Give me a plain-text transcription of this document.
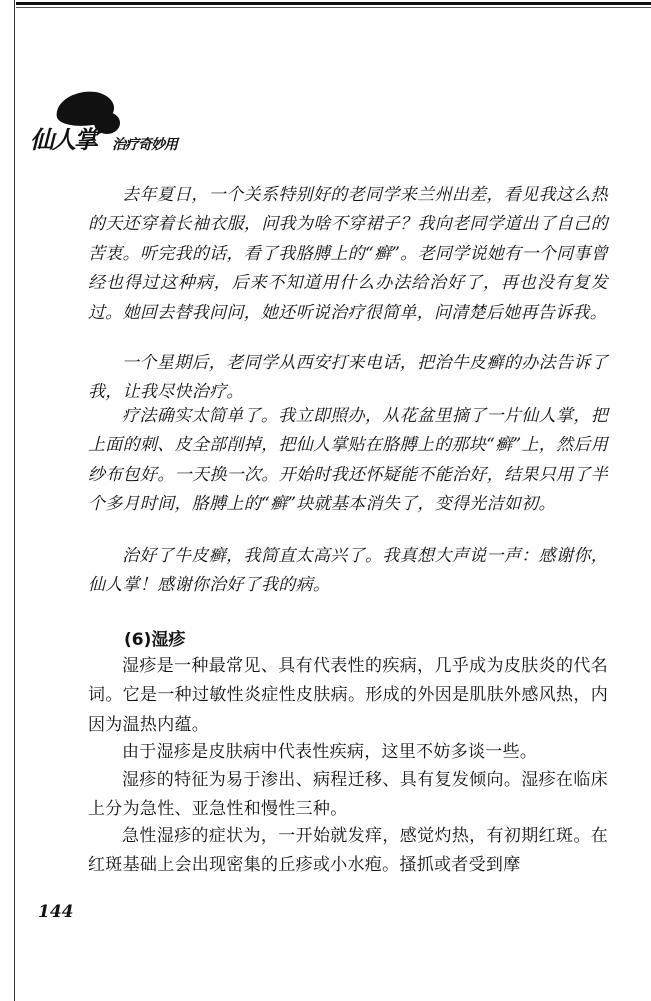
仙人掌 治疗奇妙用

去年夏日，一个关系特别好的老同学来兰州出差，看见我这么热的天还穿着长袖衣服，问我为啥不穿裙子？我向老同学道出了自己的苦衷。听完我的话，看了我胳膊上的“癣”。老同学说她有一个同事曾经也得过这种病，后来不知道用什么办法给治好了，再也没有复发过。她回去替我问问，她还听说治疗很简单，问清楚后她再告诉我。

一个星期后，老同学从西安打来电话，把治牛皮癣的办法告诉了我，让我尽快治疗。

疗法确实太简单了。我立即照办，从花盆里摘了一片仙人掌，把上面的刺、皮全部削掉，把仙人掌贴在胳膊上的那块“癣”上，然后用纱布包好。一天换一次。开始时我还怀疑能不能治好，结果只用了半个多月时间，胳膊上的“癣”块就基本消失了，变得光洁如初。

治好了牛皮癣，我简直太高兴了。我真想大声说一声：感谢你，仙人掌！感谢你治好了我的病。

(6)湿疹

湿疹是一种最常见、具有代表性的疾病，几乎成为皮肤炎的代名词。它是一种过敏性炎症性皮肤病。形成的外因是肌肤外感风热，内因为温热内蕴。

由于湿疹是皮肤病中代表性疾病，这里不妨多谈一些。

湿疹的特征为易于渗出、病程迁移、具有复发倾向。湿疹在临床上分为急性、亚急性和慢性三种。

急性湿疹的症状为，一开始就发痒，感觉灼热，有初期红斑。在红斑基础上会出现密集的丘疹或小水疱。搔抓或者受到摩

144
